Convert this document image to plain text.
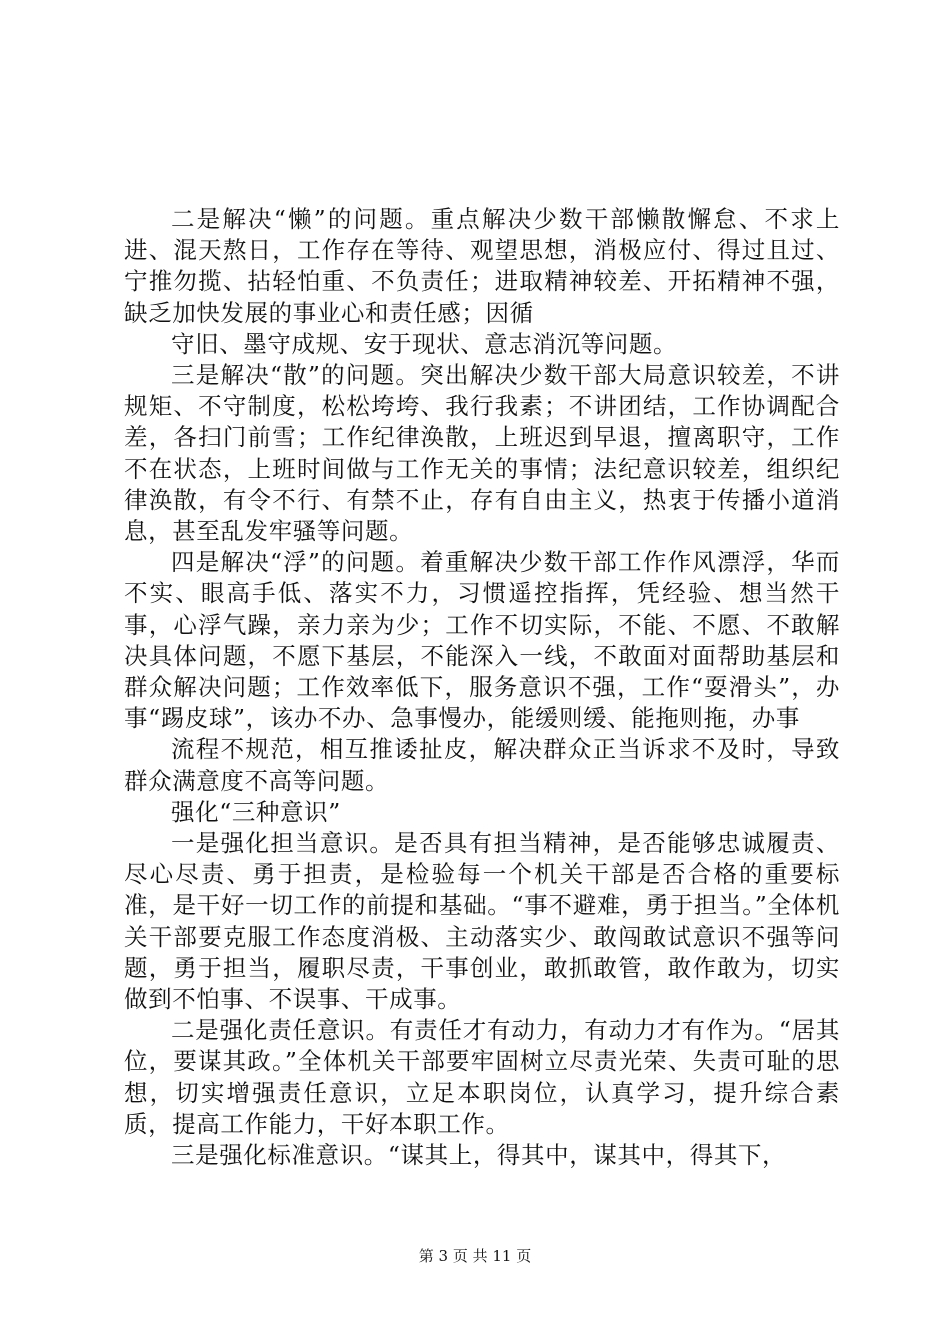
二是解决“懒”的问题。重点解决少数干部懒散懈怠、不求上进、混天熬日，工作存在等待、观望思想，消极应付、得过且过、宁推勿揽、拈轻怕重、不负责任；进取精神较差、开拓精神不强，缺乏加快发展的事业心和责任感；因循

守旧、墨守成规、安于现状、意志消沉等问题。

三是解决“散”的问题。突出解决少数干部大局意识较差，不讲规矩、不守制度，松松垮垮、我行我素；不讲团结，工作协调配合差，各扫门前雪；工作纪律涣散，上班迟到早退，擅离职守，工作不在状态，上班时间做与工作无关的事情；法纪意识较差，组织纪律涣散，有令不行、有禁不止，存有自由主义，热衷于传播小道消息，甚至乱发牢骚等问题。

四是解决“浮”的问题。着重解决少数干部工作作风漂浮，华而不实、眼高手低、落实不力，习惯遥控指挥，凭经验、想当然干事，心浮气躁，亲力亲为少；工作不切实际，不能、不愿、不敢解决具体问题，不愿下基层，不能深入一线，不敢面对面帮助基层和群众解决问题；工作效率低下，服务意识不强，工作“耍滑头”，办事“踢皮球”，该办不办、急事慢办，能缓则缓、能拖则拖，办事

流程不规范，相互推诿扯皮，解决群众正当诉求不及时，导致群众满意度不高等问题。

强化“三种意识”

一是强化担当意识。是否具有担当精神，是否能够忠诚履责、尽心尽责、勇于担责，是检验每一个机关干部是否合格的重要标准，是干好一切工作的前提和基础。“事不避难，勇于担当。”全体机关干部要克服工作态度消极、主动落实少、敢闯敢试意识不强等问题，勇于担当，履职尽责，干事创业，敢抓敢管，敢作敢为，切实做到不怕事、不误事、干成事。

二是强化责任意识。有责任才有动力，有动力才有作为。“居其位，要谋其政。”全体机关干部要牢固树立尽责光荣、失责可耻的思想，切实增强责任意识，立足本职岗位，认真学习，提升综合素质，提高工作能力，干好本职工作。

三是强化标准意识。“谋其上，得其中，谋其中，得其下，

第 3 页 共 11 页
